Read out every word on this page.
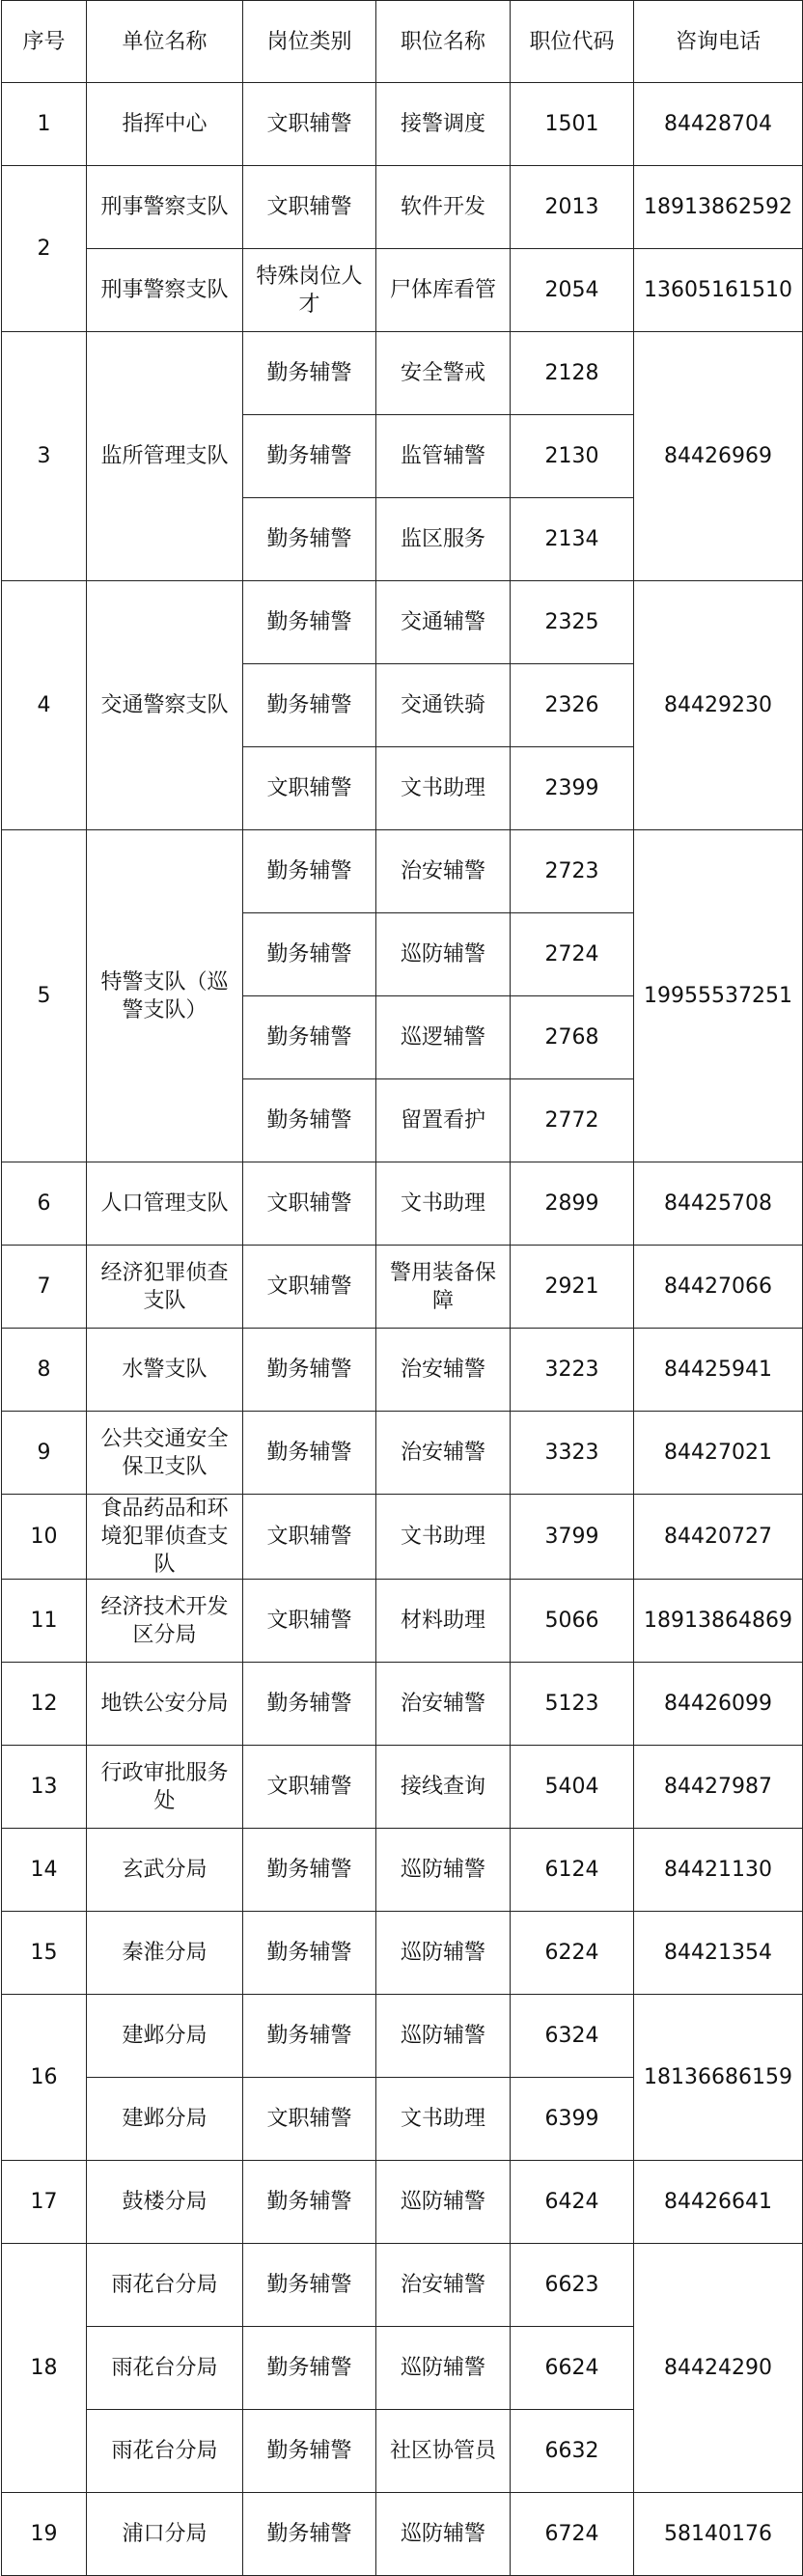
序号	单位名称	岗位类别	职位名称	职位代码	咨询电话
1	指挥中心	文职辅警	接警调度	1501	84428704
2	刑事警察支队	文职辅警	软件开发	2013	18913862592
	刑事警察支队	特殊岗位人才	尸体库看管	2054	13605161510
3	监所管理支队	勤务辅警	安全警戒	2128	84426969
		勤务辅警	监管辅警	2130	
		勤务辅警	监区服务	2134	
4	交通警察支队	勤务辅警	交通辅警	2325	84429230
		勤务辅警	交通铁骑	2326	
		文职辅警	文书助理	2399	
5	特警支队（巡警支队）	勤务辅警	治安辅警	2723	19955537251
		勤务辅警	巡防辅警	2724	
		勤务辅警	巡逻辅警	2768	
		勤务辅警	留置看护	2772	
6	人口管理支队	文职辅警	文书助理	2899	84425708
7	经济犯罪侦查支队	文职辅警	警用装备保障	2921	84427066
8	水警支队	勤务辅警	治安辅警	3223	84425941
9	公共交通安全保卫支队	勤务辅警	治安辅警	3323	84427021
10	食品药品和环境犯罪侦查支队	文职辅警	文书助理	3799	84420727
11	经济技术开发区分局	文职辅警	材料助理	5066	18913864869
12	地铁公安分局	勤务辅警	治安辅警	5123	84426099
13	行政审批服务处	文职辅警	接线查询	5404	84427987
14	玄武分局	勤务辅警	巡防辅警	6124	84421130
15	秦淮分局	勤务辅警	巡防辅警	6224	84421354
16	建邺分局	勤务辅警	巡防辅警	6324	18136686159
	建邺分局	文职辅警	文书助理	6399	
17	鼓楼分局	勤务辅警	巡防辅警	6424	84426641
18	雨花台分局	勤务辅警	治安辅警	6623	84424290
	雨花台分局	勤务辅警	巡防辅警	6624	
	雨花台分局	勤务辅警	社区协管员	6632	
19	浦口分局	勤务辅警	巡防辅警	6724	58140176
